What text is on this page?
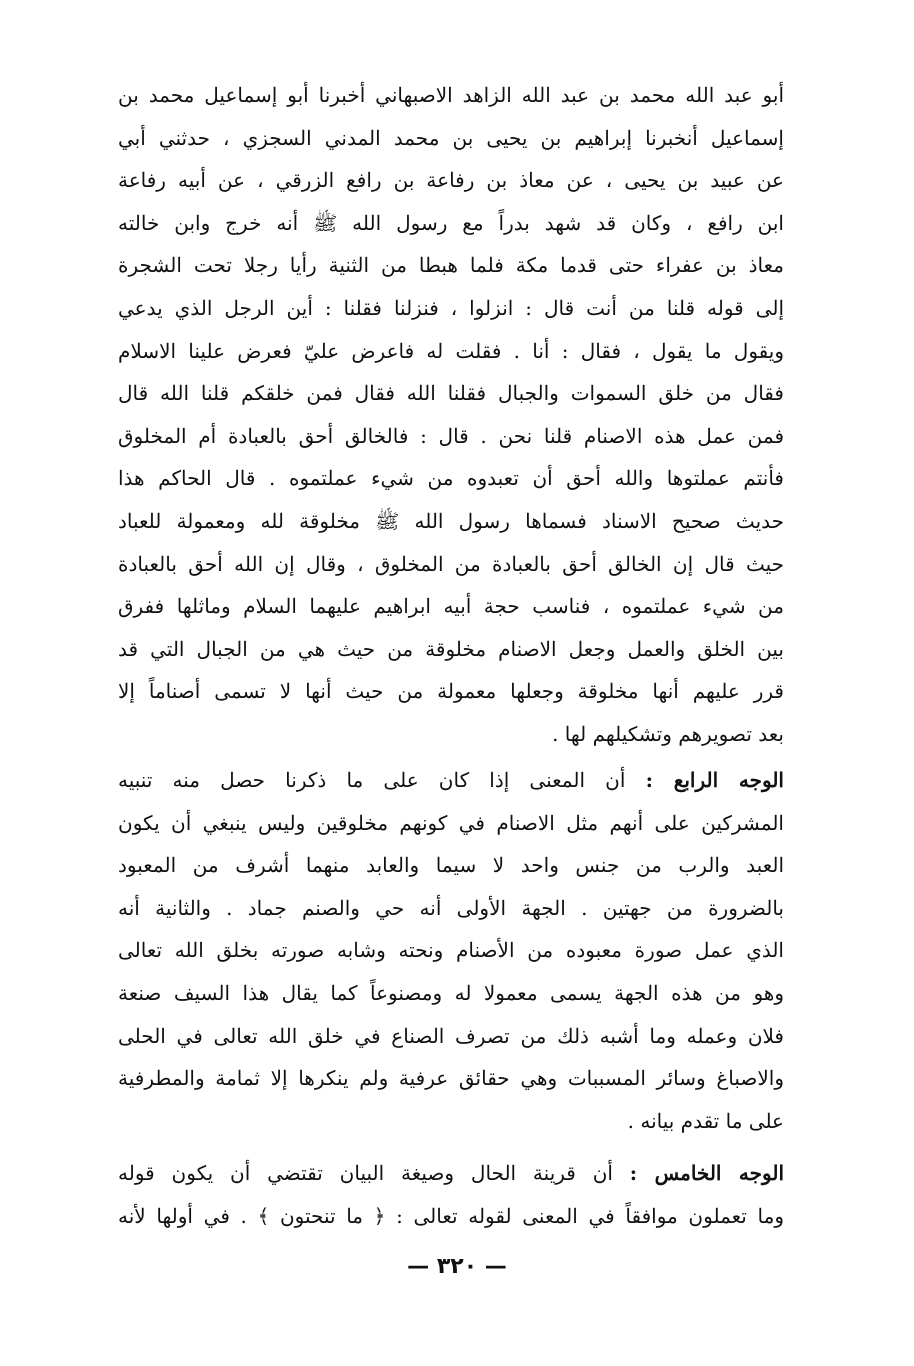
أبو عبد الله محمد بن عبد الله الزاهد الاصبهاني أخبرنا أبو إسماعيل محمد بن
إسماعيل أنخبرنا إبراهيم بن يحيى بن محمد المدني السجزي ، حدثني أبي
عن عبيد بن يحيى ، عن معاذ بن رفاعة بن رافع الزرقي ، عن أبيه رفاعة
ابن رافع ، وكان قد شهد بدراً مع رسول الله ﷺ أنه خرج وابن خالته
معاذ بن عفراء حتى قدما مكة فلما هبطا من الثنية رأيا رجلا تحت الشجرة
إلى قوله قلنا من أنت قال : انزلوا ، فنزلنا فقلنا : أين الرجل الذي يدعي
ويقول ما يقول ، فقال : أنا . فقلت له فاعرض عليّ فعرض علينا الاسلام
فقال من خلق السموات والجبال فقلنا الله فقال فمن خلقكم قلنا الله قال
فمن عمل هذه الاصنام قلنا نحن . قال : فالخالق أحق بالعبادة أم المخلوق
فأنتم عملتوها والله أحق أن تعبدوه من شيء عملتموه . قال الحاكم هذا
حديث صحيح الاسناد فسماها رسول الله ﷺ مخلوقة لله ومعمولة للعباد
حيث قال إن الخالق أحق بالعبادة من المخلوق ، وقال إن الله أحق بالعبادة
من شيء عملتموه ، فناسب حجة أبيه ابراهيم عليهما السلام وماثلها ففرق
بين الخلق والعمل وجعل الاصنام مخلوقة من حيث هي من الجبال التي قد
قرر عليهم أنها مخلوقة وجعلها معمولة من حيث أنها لا تسمى أصناماً إلا
بعد تصويرهم وتشكيلهم لها .
الوجه الرابع : أن المعنى إذا كان على ما ذكرنا حصل منه تنبيه
المشركين على أنهم مثل الاصنام في كونهم مخلوقين وليس ينبغي أن يكون
العبد والرب من جنس واحد لا سيما والعابد منهما أشرف من المعبود
بالضرورة من جهتين . الجهة الأولى أنه حي والصنم جماد . والثانية أنه
الذي عمل صورة معبوده من الأصنام ونحته وشابه صورته بخلق الله تعالى
وهو من هذه الجهة يسمى معمولا له ومصنوعاً كما يقال هذا السيف صنعة
فلان وعمله وما أشبه ذلك من تصرف الصناع في خلق الله تعالى في الحلى
والاصباغ وسائر المسببات وهي حقائق عرفية ولم ينكرها إلا ثمامة والمطرفية
على ما تقدم بيانه .
الوجه الخامس : أن قرينة الحال وصيغة البيان تقتضي أن يكون قوله
وما تعملون موافقاً في المعنى لقوله تعالى : ﴿ ما تنحتون ﴾ . في أولها لأنه
— ٣٢٠ —
